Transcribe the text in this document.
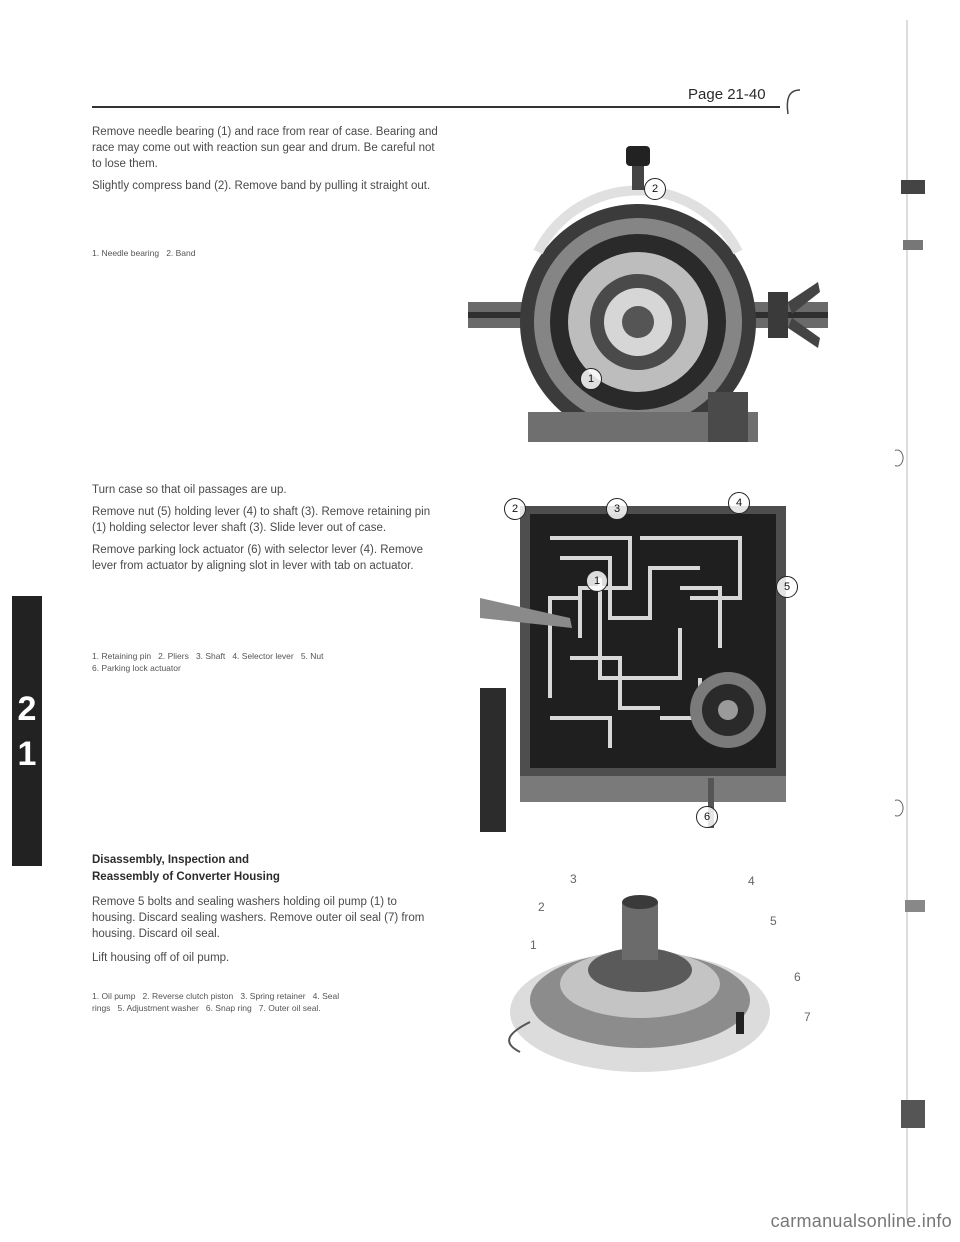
Page 21-40
2
1

Remove needle bearing (1) and race from rear of case. Bearing and race may come out with reaction sun gear and drum. Be careful not to lose them.

Slightly compress band (2). Remove band by pulling it straight out.

1. Needle bearing   2. Band
2
1

Turn case so that oil passages are up.

Remove nut (5) holding lever (4) to shaft (3). Remove retaining pin (1) holding selector lever shaft (3). Slide lever out of case.

Remove parking lock actuator (6) with selector lever (4). Remove lever from actuator by aligning slot in lever with tab on actuator.

1. Retaining pin   2. Pliers   3. Shaft   4. Selector lever   5. Nut
6. Parking lock actuator
2	3	4
5
1
6
Disassembly, Inspection and
Reassembly of Converter Housing

Remove 5 bolts and sealing washers holding oil pump (1) to housing. Discard sealing washers. Remove outer oil seal (7) from housing. Discard oil seal.

Lift housing off of oil pump.

1. Oil pump   2. Reverse clutch piston   3. Spring retainer   4. Seal
rings   5. Adjustment washer   6. Snap ring   7. Outer oil seal.
3
2
1
4
5
6
7
carmanualsonline.info
